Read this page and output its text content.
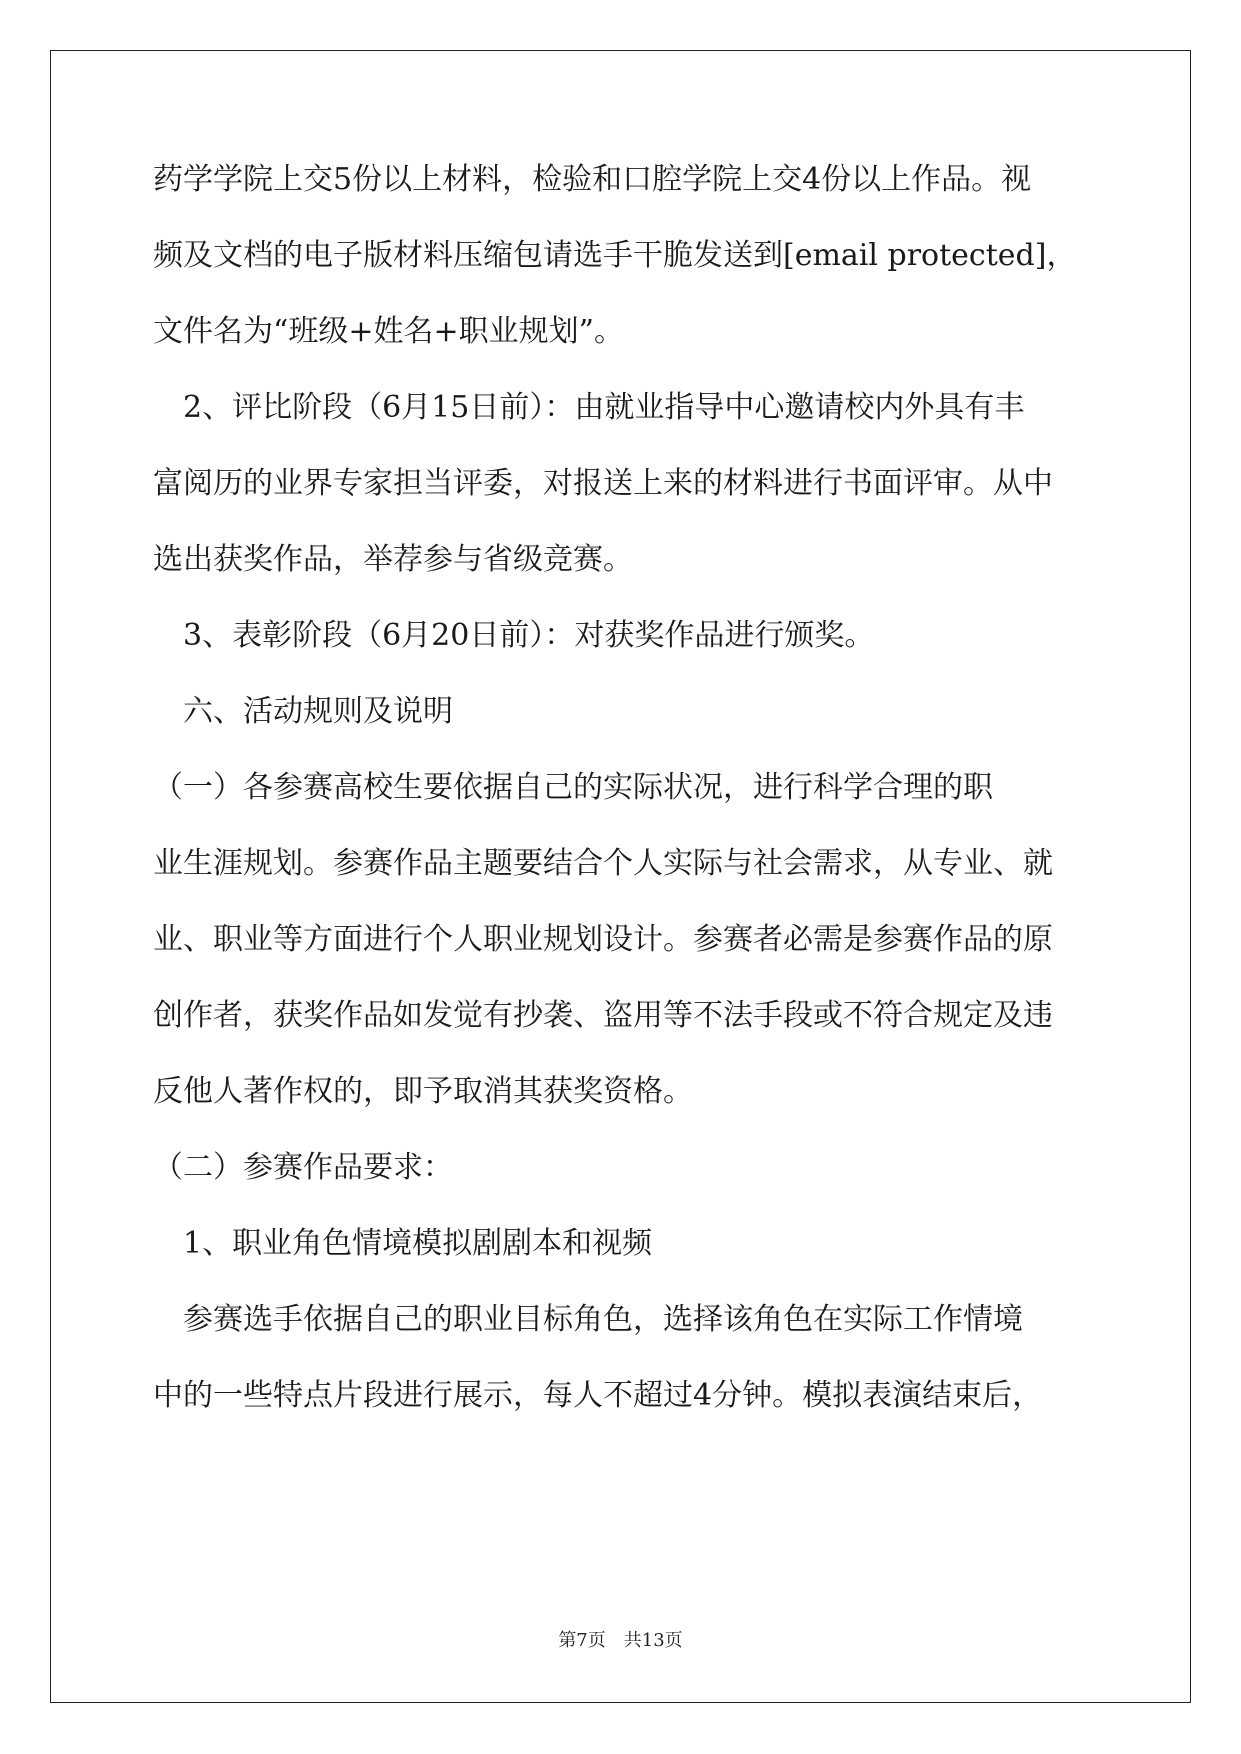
药学学院上交5份以上材料，检验和口腔学院上交4份以上作品。视
频及文档的电子版材料压缩包请选手干脆发送到[email protected]，
文件名为“班级+姓名+职业规划”。
　2、评比阶段（6月15日前）：由就业指导中心邀请校内外具有丰
富阅历的业界专家担当评委，对报送上来的材料进行书面评审。从中
选出获奖作品，举荐参与省级竞赛。
　3、表彰阶段（6月20日前）：对获奖作品进行颁奖。
　六、活动规则及说明
（一）各参赛高校生要依据自己的实际状况，进行科学合理的职
业生涯规划。参赛作品主题要结合个人实际与社会需求，从专业、就
业、职业等方面进行个人职业规划设计。参赛者必需是参赛作品的原
创作者，获奖作品如发觉有抄袭、盗用等不法手段或不符合规定及违
反他人著作权的，即予取消其获奖资格。
（二）参赛作品要求：
　1、职业角色情境模拟剧剧本和视频
　参赛选手依据自己的职业目标角色，选择该角色在实际工作情境
中的一些特点片段进行展示，每人不超过4分钟。模拟表演结束后，
第7页　共13页
